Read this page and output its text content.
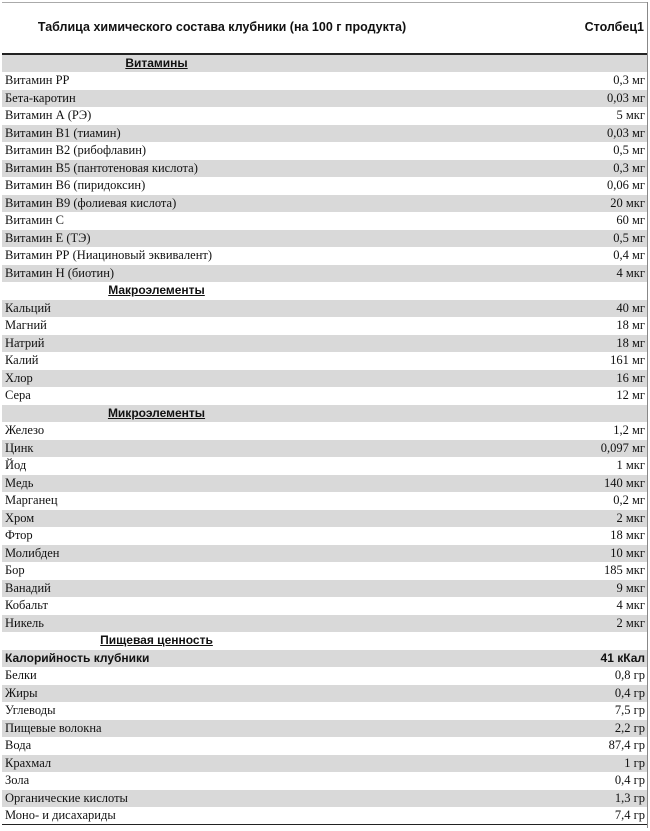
Таблица химического состава клубники (на 100 г продукта)	Столбец1
Витамины	
Витамин РР	0,3 мг
Бета-каротин	0,03 мг
Витамин А (РЭ)	5 мкг
Витамин В1 (тиамин)	0,03 мг
Витамин В2 (рибофлавин)	0,5 мг
Витамин В5 (пантотеновая кислота)	0,3 мг
Витамин В6 (пиридоксин)	0,06 мг
Витамин В9 (фолиевая кислота)	20 мкг
Витамин С	60 мг
Витамин Е (ТЭ)	0,5 мг
Витамин РР (Ниациновый эквивалент)	0,4 мг
Витамин Н (биотин)	4 мкг
Макроэлементы	
Кальций	40 мг
Магний	18 мг
Натрий	18 мг
Калий	161 мг
Хлор	16 мг
Сера	12 мг
Микроэлементы	
Железо	1,2 мг
Цинк	0,097 мг
Йод	1 мкг
Медь	140 мкг
Марганец	0,2 мг
Хром	2 мкг
Фтор	18 мкг
Молибден	10 мкг
Бор	185 мкг
Ванадий	9 мкг
Кобальт	4 мкг
Никель	2 мкг
Пищевая ценность	
Калорийность клубники	41 кКал
Белки	0,8 гр
Жиры	0,4 гр
Углеводы	7,5 гр
Пищевые волокна	2,2 гр
Вода	87,4 гр
Крахмал	1 гр
Зола	0,4 гр
Органические кислоты	1,3 гр
Моно- и дисахариды	7,4 гр
